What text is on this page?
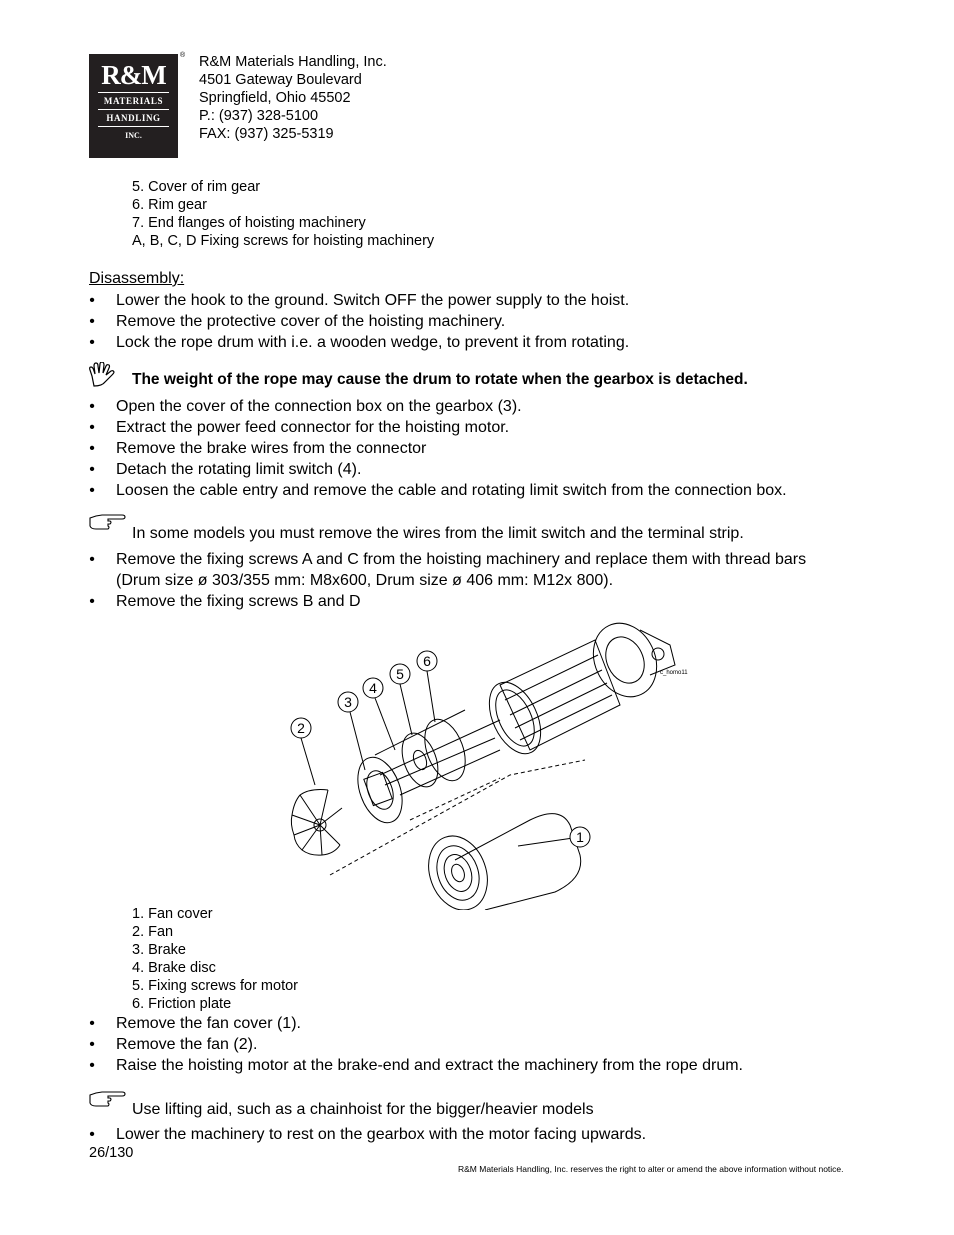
R&M
MATERIALS
HANDLING
INC.
® R&M Materials Handling, Inc.
4501 Gateway Boulevard
Springfield, Ohio 45502
P.: (937) 328-5100
FAX: (937) 325-5319
5. Cover of rim gear
6. Rim gear
7. End flanges of hoisting machinery
A, B, C, D Fixing screws for hoisting machinery
Disassembly:
• Lower the hook to the ground. Switch OFF the power supply to the hoist.
• Remove the protective cover of the hoisting machinery.
• Lock the rope drum with i.e. a wooden wedge, to prevent it from rotating.
The weight of the rope may cause the drum to rotate when the gearbox is detached.
• Open the cover of the connection box on the gearbox (3).
• Extract the power feed connector for the hoisting motor.
• Remove the brake wires from the connector
• Detach the rotating limit switch (4).
• Loosen the cable entry and remove the cable and rotating limit switch from the connection box.
In some models you must remove the wires from the limit switch and the terminal strip.
• Remove the fixing screws A and C from the hoisting machinery and replace them with thread bars
(Drum size ø 303/355 mm: M8x600, Drum size ø 406 mm: M12x 800).
• Remove the fixing screws B and D
1
2
3
4
5
6
c_homo11
1. Fan cover
2. Fan
3. Brake
4. Brake disc
5. Fixing screws for motor
6. Friction plate
• Remove the fan cover (1).
• Remove the fan (2).
• Raise the hoisting motor at the brake-end and extract the machinery from the rope drum.
Use lifting aid, such as a chainhoist for the bigger/heavier models
• Lower the machinery to rest on the gearbox with the motor facing upwards.
26/130
R&M Materials Handling, Inc. reserves the right to alter or amend the above information without notice.
